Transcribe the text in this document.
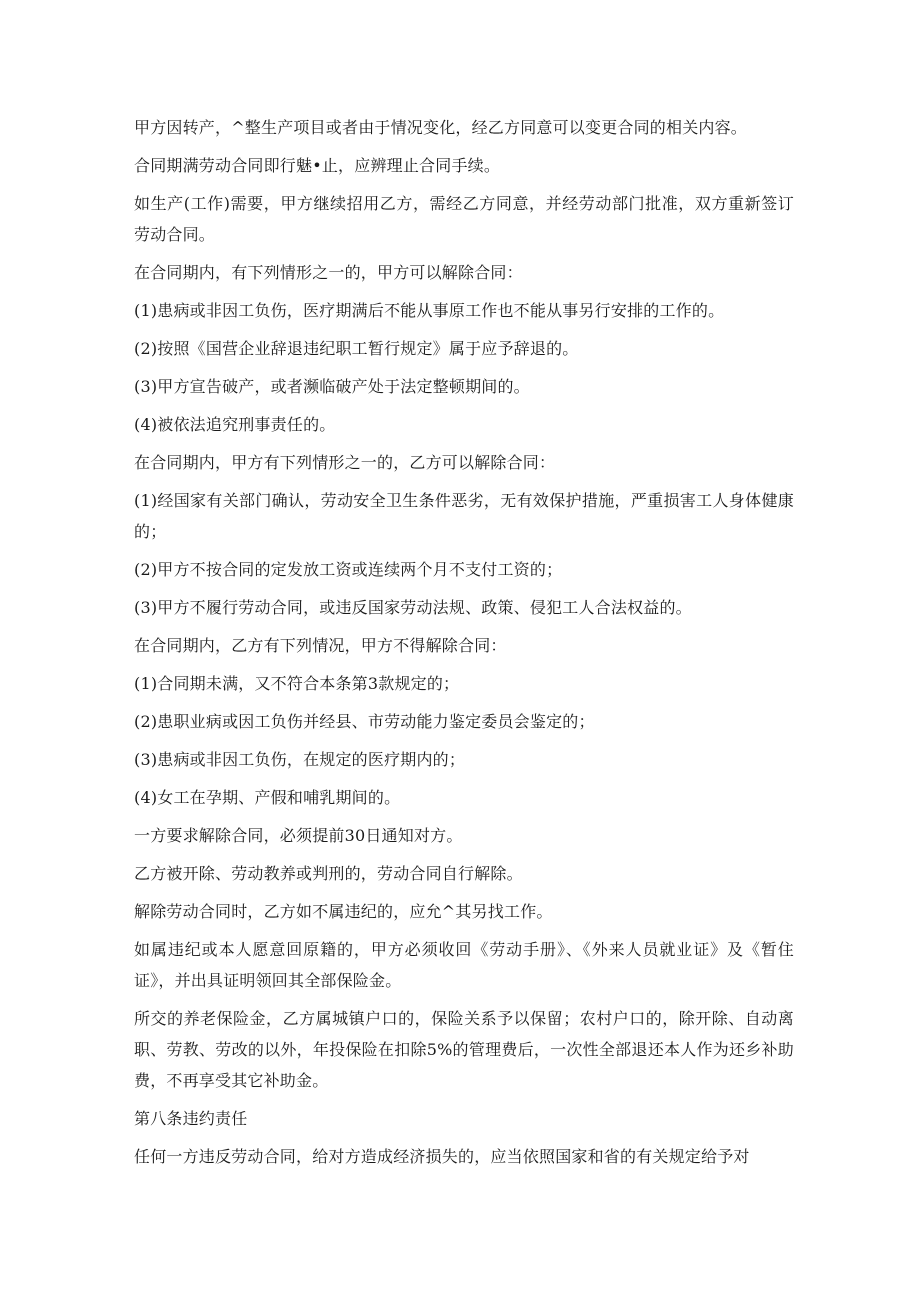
甲方因转产，^整生产项目或者由于情况变化，经乙方同意可以变更合同的相关内容。

合同期满劳动合同即行魅•止，应辨理止合同手续。

如生产(工作)需要，甲方继续招用乙方，需经乙方同意，并经劳动部门批准，双方重新签订劳动合同。

在合同期内，有下列情形之一的，甲方可以解除合同：

(1)患病或非因工负伤，医疗期满后不能从事原工作也不能从事另行安排的工作的。

(2)按照《国营企业辞退违纪职工暂行规定》属于应予辞退的。

(3)甲方宣告破产，或者濒临破产处于法定整顿期间的。

(4)被依法追究刑事责任的。

在合同期内，甲方有下列情形之一的，乙方可以解除合同：

(1)经国家有关部门确认，劳动安全卫生条件恶劣，无有效保护措施，严重损害工人身体健康的；

(2)甲方不按合同的定发放工资或连续两个月不支付工资的；

(3)甲方不履行劳动合同，或违反国家劳动法规、政策、侵犯工人合法权益的。

在合同期内，乙方有下列情况，甲方不得解除合同：

(1)合同期未满，又不符合本条第3款规定的；

(2)患职业病或因工负伤并经县、市劳动能力鉴定委员会鉴定的；

(3)患病或非因工负伤，在规定的医疗期内的；

(4)女工在孕期、产假和哺乳期间的。

一方要求解除合同，必须提前30日通知对方。

乙方被开除、劳动教养或判刑的，劳动合同自行解除。

解除劳动合同时，乙方如不属违纪的，应允^其另找工作。

如属违纪或本人愿意回原籍的，甲方必须收回《劳动手册》、《外来人员就业证》及《暂住证》，并出具证明领回其全部保险金。

所交的养老保险金，乙方属城镇户口的，保险关系予以保留；农村户口的，除开除、自动离职、劳教、劳改的以外，年投保险在扣除5%的管理费后，一次性全部退还本人作为还乡补助费，不再享受其它补助金。

第八条违约责任

任何一方违反劳动合同，给对方造成经济损失的，应当依照国家和省的有关规定给予对
